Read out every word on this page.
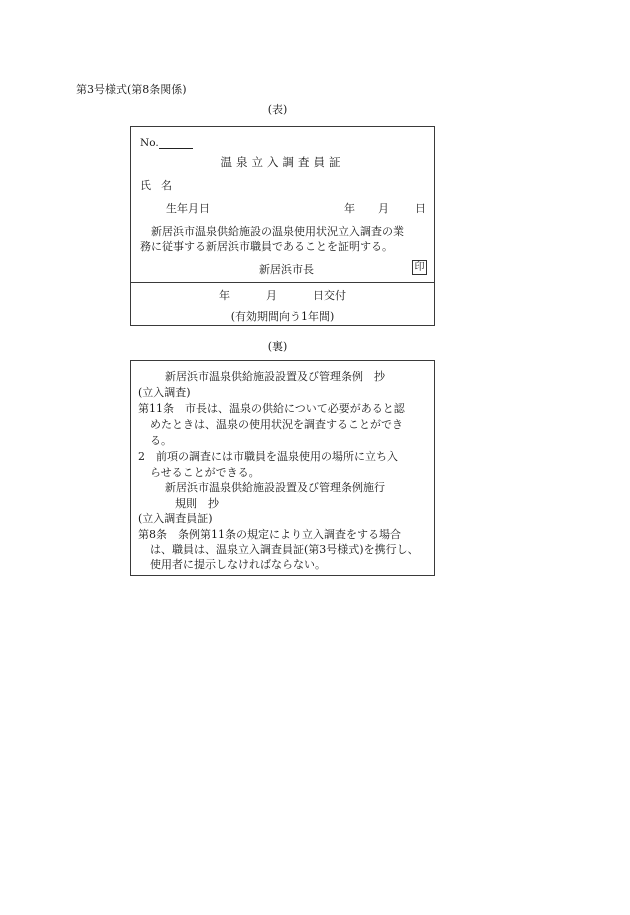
第3号様式(第8条関係)
(表)
No.
温泉立入調査員証
氏名
生年月日	年 月 日
新居浜市温泉供給施設の温泉使用状況立入調査の業
務に従事する新居浜市職員であることを証明する。
新居浜市長	印
年	月	日交付
(有効期間向う1年間)
(裏)
新居浜市温泉供給施設設置及び管理条例　抄
(立入調査)
第11条　市長は、温泉の供給について必要があると認
めたときは、温泉の使用状況を調査することができ
る。
2　前項の調査には市職員を温泉使用の場所に立ち入
らせることができる。
新居浜市温泉供給施設設置及び管理条例施行
規則　抄
(立入調査員証)
第8条　条例第11条の規定により立入調査をする場合
は、職員は、温泉立入調査員証(第3号様式)を携行し、
使用者に提示しなければならない。
